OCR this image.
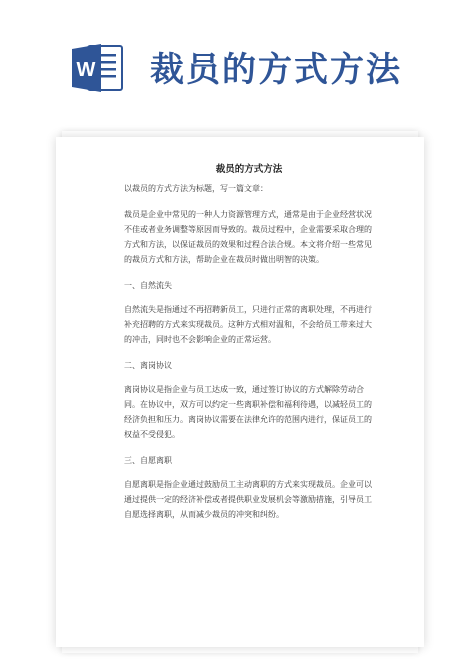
W 裁员的方式方法
裁员的方式方法
以裁员的方式方法为标题，写一篇文章：
裁员是企业中常见的一种人力资源管理方式，通常是由于企业经营状况不佳或者业务调整等原因而导致的。裁员过程中，企业需要采取合理的方式和方法，以保证裁员的效果和过程合法合规。本文将介绍一些常见的裁员方式和方法，帮助企业在裁员时做出明智的决策。
一、自然流失
自然流失是指通过不再招聘新员工，只进行正常的离职处理，不再进行补充招聘的方式来实现裁员。这种方式相对温和，不会给员工带来过大的冲击，同时也不会影响企业的正常运营。
二、离岗协议
离岗协议是指企业与员工达成一致，通过签订协议的方式解除劳动合同。在协议中，双方可以约定一些离职补偿和福利待遇，以减轻员工的经济负担和压力。离岗协议需要在法律允许的范围内进行，保证员工的权益不受侵犯。
三、自愿离职
自愿离职是指企业通过鼓励员工主动离职的方式来实现裁员。企业可以通过提供一定的经济补偿或者提供职业发展机会等激励措施，引导员工自愿选择离职，从而减少裁员的冲突和纠纷。
